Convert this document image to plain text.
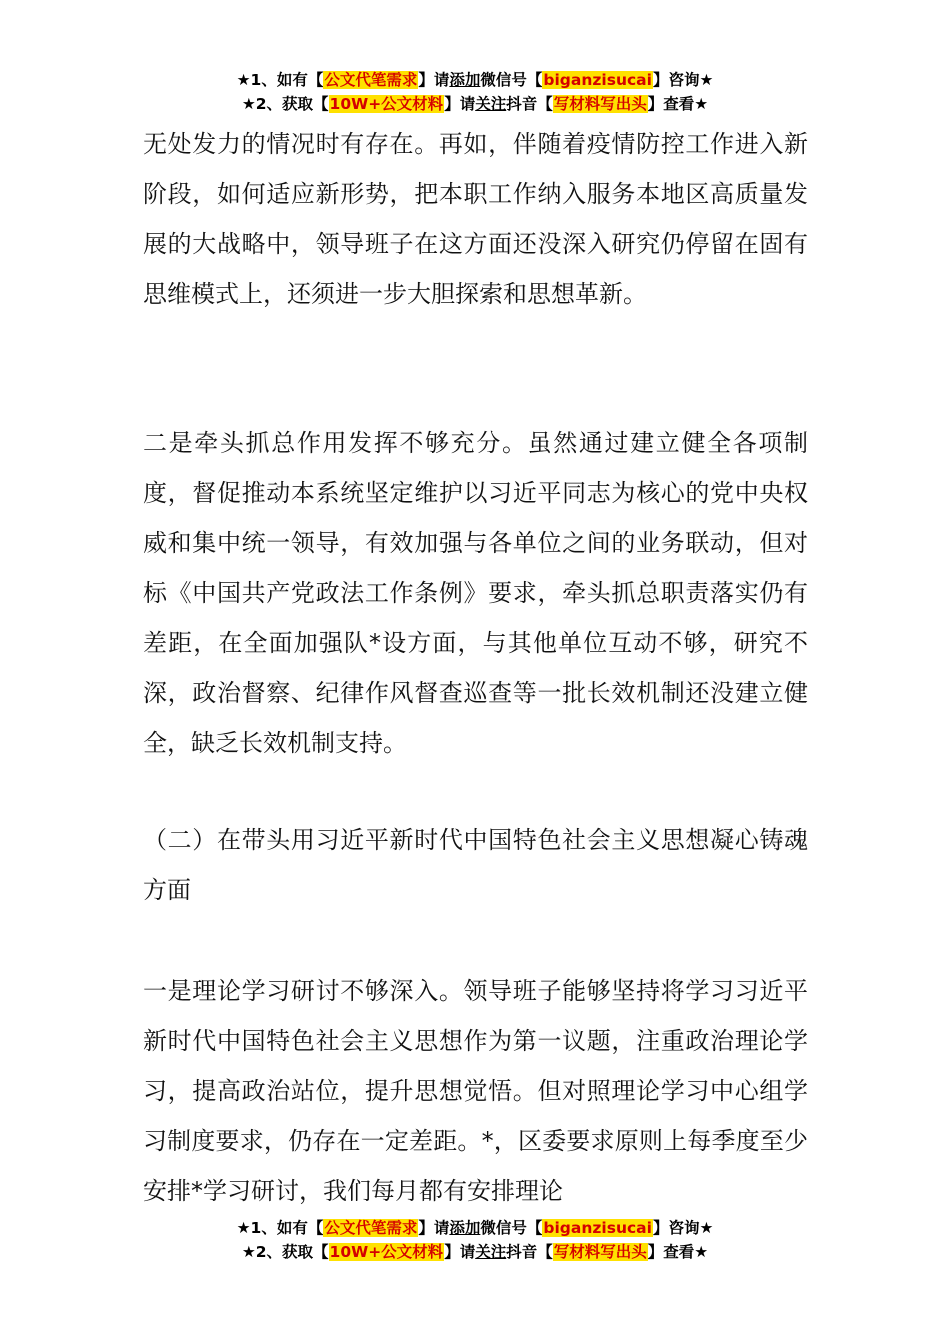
★1、如有【公文代笔需求】请添加微信号【biganzisucai】咨询★
★2、获取【10W+公文材料】请关注抖音【写材料写出头】查看★

无处发力的情况时有存在。再如，伴随着疫情防控工作进入新阶段，如何适应新形势，把本职工作纳入服务本地区高质量发展的大战略中，领导班子在这方面还没深入研究仍停留在固有思维模式上，还须进一步大胆探索和思想革新。

二是牵头抓总作用发挥不够充分。虽然通过建立健全各项制度，督促推动本系统坚定维护以习近平同志为核心的党中央权威和集中统一领导，有效加强与各单位之间的业务联动，但对标《中国共产党政法工作条例》要求，牵头抓总职责落实仍有差距，在全面加强队*设方面，与其他单位互动不够，研究不深，政治督察、纪律作风督查巡查等一批长效机制还没建立健全，缺乏长效机制支持。

（二）在带头用习近平新时代中国特色社会主义思想凝心铸魂方面

一是理论学习研讨不够深入。领导班子能够坚持将学习习近平新时代中国特色社会主义思想作为第一议题，注重政治理论学习，提高政治站位，提升思想觉悟。但对照理论学习中心组学习制度要求，仍存在一定差距。*，区委要求原则上每季度至少安排*学习研讨，我们每月都有安排理论

★1、如有【公文代笔需求】请添加微信号【biganzisucai】咨询★
★2、获取【10W+公文材料】请关注抖音【写材料写出头】查看★
